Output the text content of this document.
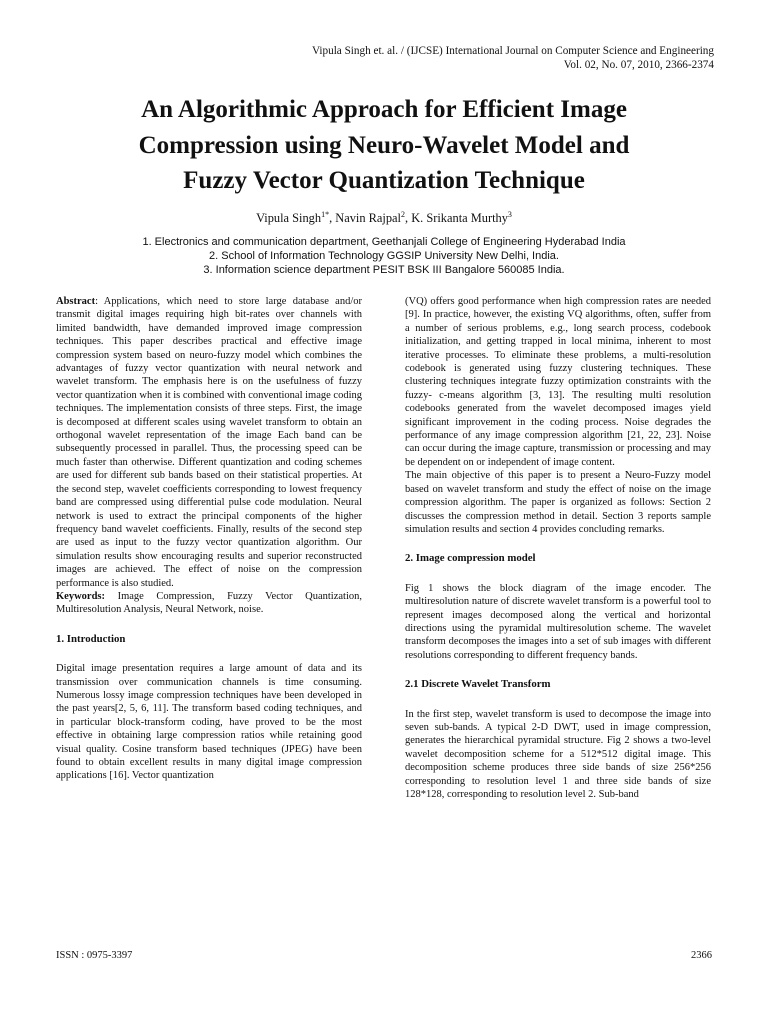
Vipula Singh et. al. / (IJCSE) International Journal on Computer Science and Engineering
Vol. 02, No. 07, 2010, 2366-2374
An Algorithmic Approach for Efficient Image
Compression using Neuro-Wavelet Model and
Fuzzy Vector Quantization Technique
Vipula Singh$^{1*}$, Navin Rajpal$^2$, K. Srikanta Murthy$^3$
1. Electronics and communication department, Geethanjali College of Engineering Hyderabad India
2. School of Information Technology GGSIP University New Delhi, India.
3. Information science department PESIT BSK III Bangalore 560085 India.

Abstract: Applications, which need to store large database and/or transmit digital images requiring high bit-rates over channels with limited bandwidth, have demanded improved image compression techniques. This paper describes practical and effective image compression system based on neuro-fuzzy model which combines the advantages of fuzzy vector quantization with neural network and wavelet transform. The emphasis here is on the usefulness of fuzzy vector quantization when it is combined with conventional image coding techniques. The implementation consists of three steps. First, the image is decomposed at different scales using wavelet transform to obtain an orthogonal wavelet representation of the image Each band can be subsequently processed in parallel. Thus, the processing speed can be much faster than otherwise. Different quantization and coding schemes are used for different sub bands based on their statistical properties. At the second step, wavelet coefficients corresponding to lowest frequency band are compressed using differential pulse code modulation. Neural network is used to extract the principal components of the higher frequency band wavelet coefficients. Finally, results of the second step are used as input to the fuzzy vector quantization algorithm. Our simulation results show encouraging results and superior reconstructed images are achieved. The effect of noise on the compression performance is also studied.

Keywords: Image Compression, Fuzzy Vector Quantization, Multiresolution Analysis, Neural Network, noise.

1. Introduction

Digital image presentation requires a large amount of data and its transmission over communication channels is time consuming. Numerous lossy image compression techniques have been developed in the past years[2, 5, 6, 11]. The transform based coding techniques, and in particular block-transform coding, have proved to be the most effective in obtaining large compression ratios while retaining good visual quality. Cosine transform based techniques (JPEG) have been found to obtain excellent results in many digital image compression applications [16]. Vector quantization

(VQ) offers good performance when high compression rates are needed [9]. In practice, however, the existing VQ algorithms, often, suffer from a number of serious problems, e.g., long search process, codebook initialization, and getting trapped in local minima, inherent to most iterative processes. To eliminate these problems, a multi-resolution codebook is generated using fuzzy clustering techniques. These clustering techniques integrate fuzzy optimization constraints with the fuzzy- c-means algorithm [3, 13]. The resulting multi resolution codebooks generated from the wavelet decomposed images yield significant improvement in the coding process. Noise degrades the performance of any image compression algorithm [21, 22, 23]. Noise can occur during the image capture, transmission or processing and may be dependent on or independent of image content.

The main objective of this paper is to present a Neuro-Fuzzy model based on wavelet transform and study the effect of noise on the image compression algorithm. The paper is organized as follows: Section 2 discusses the compression method in detail. Section 3 reports sample simulation results and section 4 provides concluding remarks.

2. Image compression model

Fig 1 shows the block diagram of the image encoder. The multiresolution nature of discrete wavelet transform is a powerful tool to represent images decomposed along the vertical and horizontal directions using the pyramidal multiresolution scheme. The wavelet transform decomposes the images into a set of sub images with different resolutions corresponding to different frequency bands.

2.1 Discrete Wavelet Transform

In the first step, wavelet transform is used to decompose the image into seven sub-bands. A typical 2-D DWT, used in image compression, generates the hierarchical pyramidal structure. Fig 2 shows a two-level wavelet decomposition scheme for a 512*512 digital image. This decomposition scheme produces three side bands of size 256*256 corresponding to resolution level 1 and three side bands of size 128*128, corresponding to resolution level 2. Sub-band

ISSN : 0975-3397	2366
